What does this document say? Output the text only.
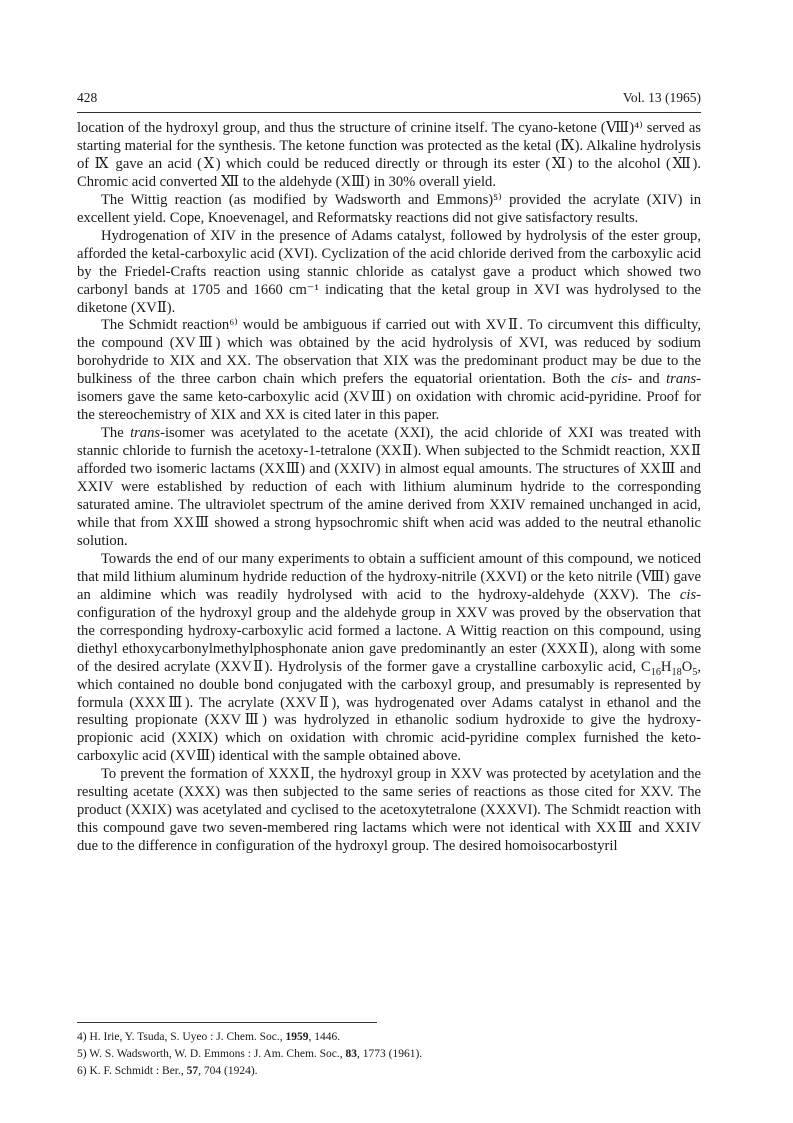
428	Vol. 13 (1965)

location of the hydroxyl group, and thus the structure of crinine itself. The cyano-ketone (Ⅷ)⁴⁾ served as starting material for the synthesis. The ketone function was protected as the ketal (Ⅸ). Alkaline hydrolysis of Ⅸ gave an acid (Ⅹ) which could be reduced directly or through its ester (Ⅺ) to the alcohol (Ⅻ). Chromic acid converted Ⅻ to the aldehyde (XⅢ) in 30% overall yield.

The Wittig reaction (as modified by Wadsworth and Emmons)⁵⁾ provided the acrylate (XIV) in excellent yield. Cope, Knoevenagel, and Reformatsky reactions did not give satisfactory results.

Hydrogenation of XIV in the presence of Adams catalyst, followed by hydrolysis of the ester group, afforded the ketal-carboxylic acid (XVI). Cyclization of the acid chloride derived from the carboxylic acid by the Friedel-Crafts reaction using stannic chloride as catalyst gave a product which showed two carbonyl bands at 1705 and 1660 cm⁻¹ indicating that the ketal group in XVI was hydrolysed to the diketone (XVⅡ).

The Schmidt reaction⁶⁾ would be ambiguous if carried out with XVⅡ. To circumvent this difficulty, the compound (XVⅢ) which was obtained by the acid hydrolysis of XVI, was reduced by sodium borohydride to XIX and XX. The observation that XIX was the predominant product may be due to the bulkiness of the three carbon chain which prefers the equatorial orientation. Both the cis- and trans-isomers gave the same keto-carboxylic acid (XVⅢ) on oxidation with chromic acid-pyridine. Proof for the stereochemistry of XIX and XX is cited later in this paper.

The trans-isomer was acetylated to the acetate (XXI), the acid chloride of XXI was treated with stannic chloride to furnish the acetoxy-1-tetralone (XXⅡ). When subjected to the Schmidt reaction, XXⅡ afforded two isomeric lactams (XXⅢ) and (XXIV) in almost equal amounts. The structures of XXⅢ and XXIV were established by reduction of each with lithium aluminum hydride to the corresponding saturated amine. The ultraviolet spectrum of the amine derived from XXIV remained unchanged in acid, while that from XXⅢ showed a strong hypsochromic shift when acid was added to the neutral ethanolic solution.

Towards the end of our many experiments to obtain a sufficient amount of this compound, we noticed that mild lithium aluminum hydride reduction of the hydroxy-nitrile (XXVI) or the keto nitrile (Ⅷ) gave an aldimine which was readily hydrolysed with acid to the hydroxy-aldehyde (XXV). The cis-configuration of the hydroxyl group and the aldehyde group in XXV was proved by the observation that the corresponding hydroxy-carboxylic acid formed a lactone. A Wittig reaction on this compound, using diethyl ethoxycarbonylmethylphosphonate anion gave predominantly an ester (XXXⅡ), along with some of the desired acrylate (XXVⅡ). Hydrolysis of the former gave a crystalline carboxylic acid, $C_{16}H_{18}O_5$, which contained no double bond conjugated with the carboxyl group, and presumably is represented by formula (XXXⅢ). The acrylate (XXVⅡ), was hydrogenated over Adams catalyst in ethanol and the resulting propionate (XXVⅢ) was hydrolyzed in ethanolic sodium hydroxide to give the hydroxy-propionic acid (XXIX) which on oxidation with chromic acid-pyridine complex furnished the keto-carboxylic acid (XVⅢ) identical with the sample obtained above.

To prevent the formation of XXXⅡ, the hydroxyl group in XXV was protected by acetylation and the resulting acetate (XXX) was then subjected to the same series of reactions as those cited for XXV. The product (XXIX) was acetylated and cyclised to the acetoxytetralone (XXXVI). The Schmidt reaction with this compound gave two seven-membered ring lactams which were not identical with XXⅢ and XXIV due to the difference in configuration of the hydroxyl group. The desired homoisocarbostyril

4) H. Irie, Y. Tsuda, S. Uyeo : J. Chem. Soc., 1959, 1446.
5) W. S. Wadsworth, W. D. Emmons : J. Am. Chem. Soc., 83, 1773 (1961).
6) K. F. Schmidt : Ber., 57, 704 (1924).
